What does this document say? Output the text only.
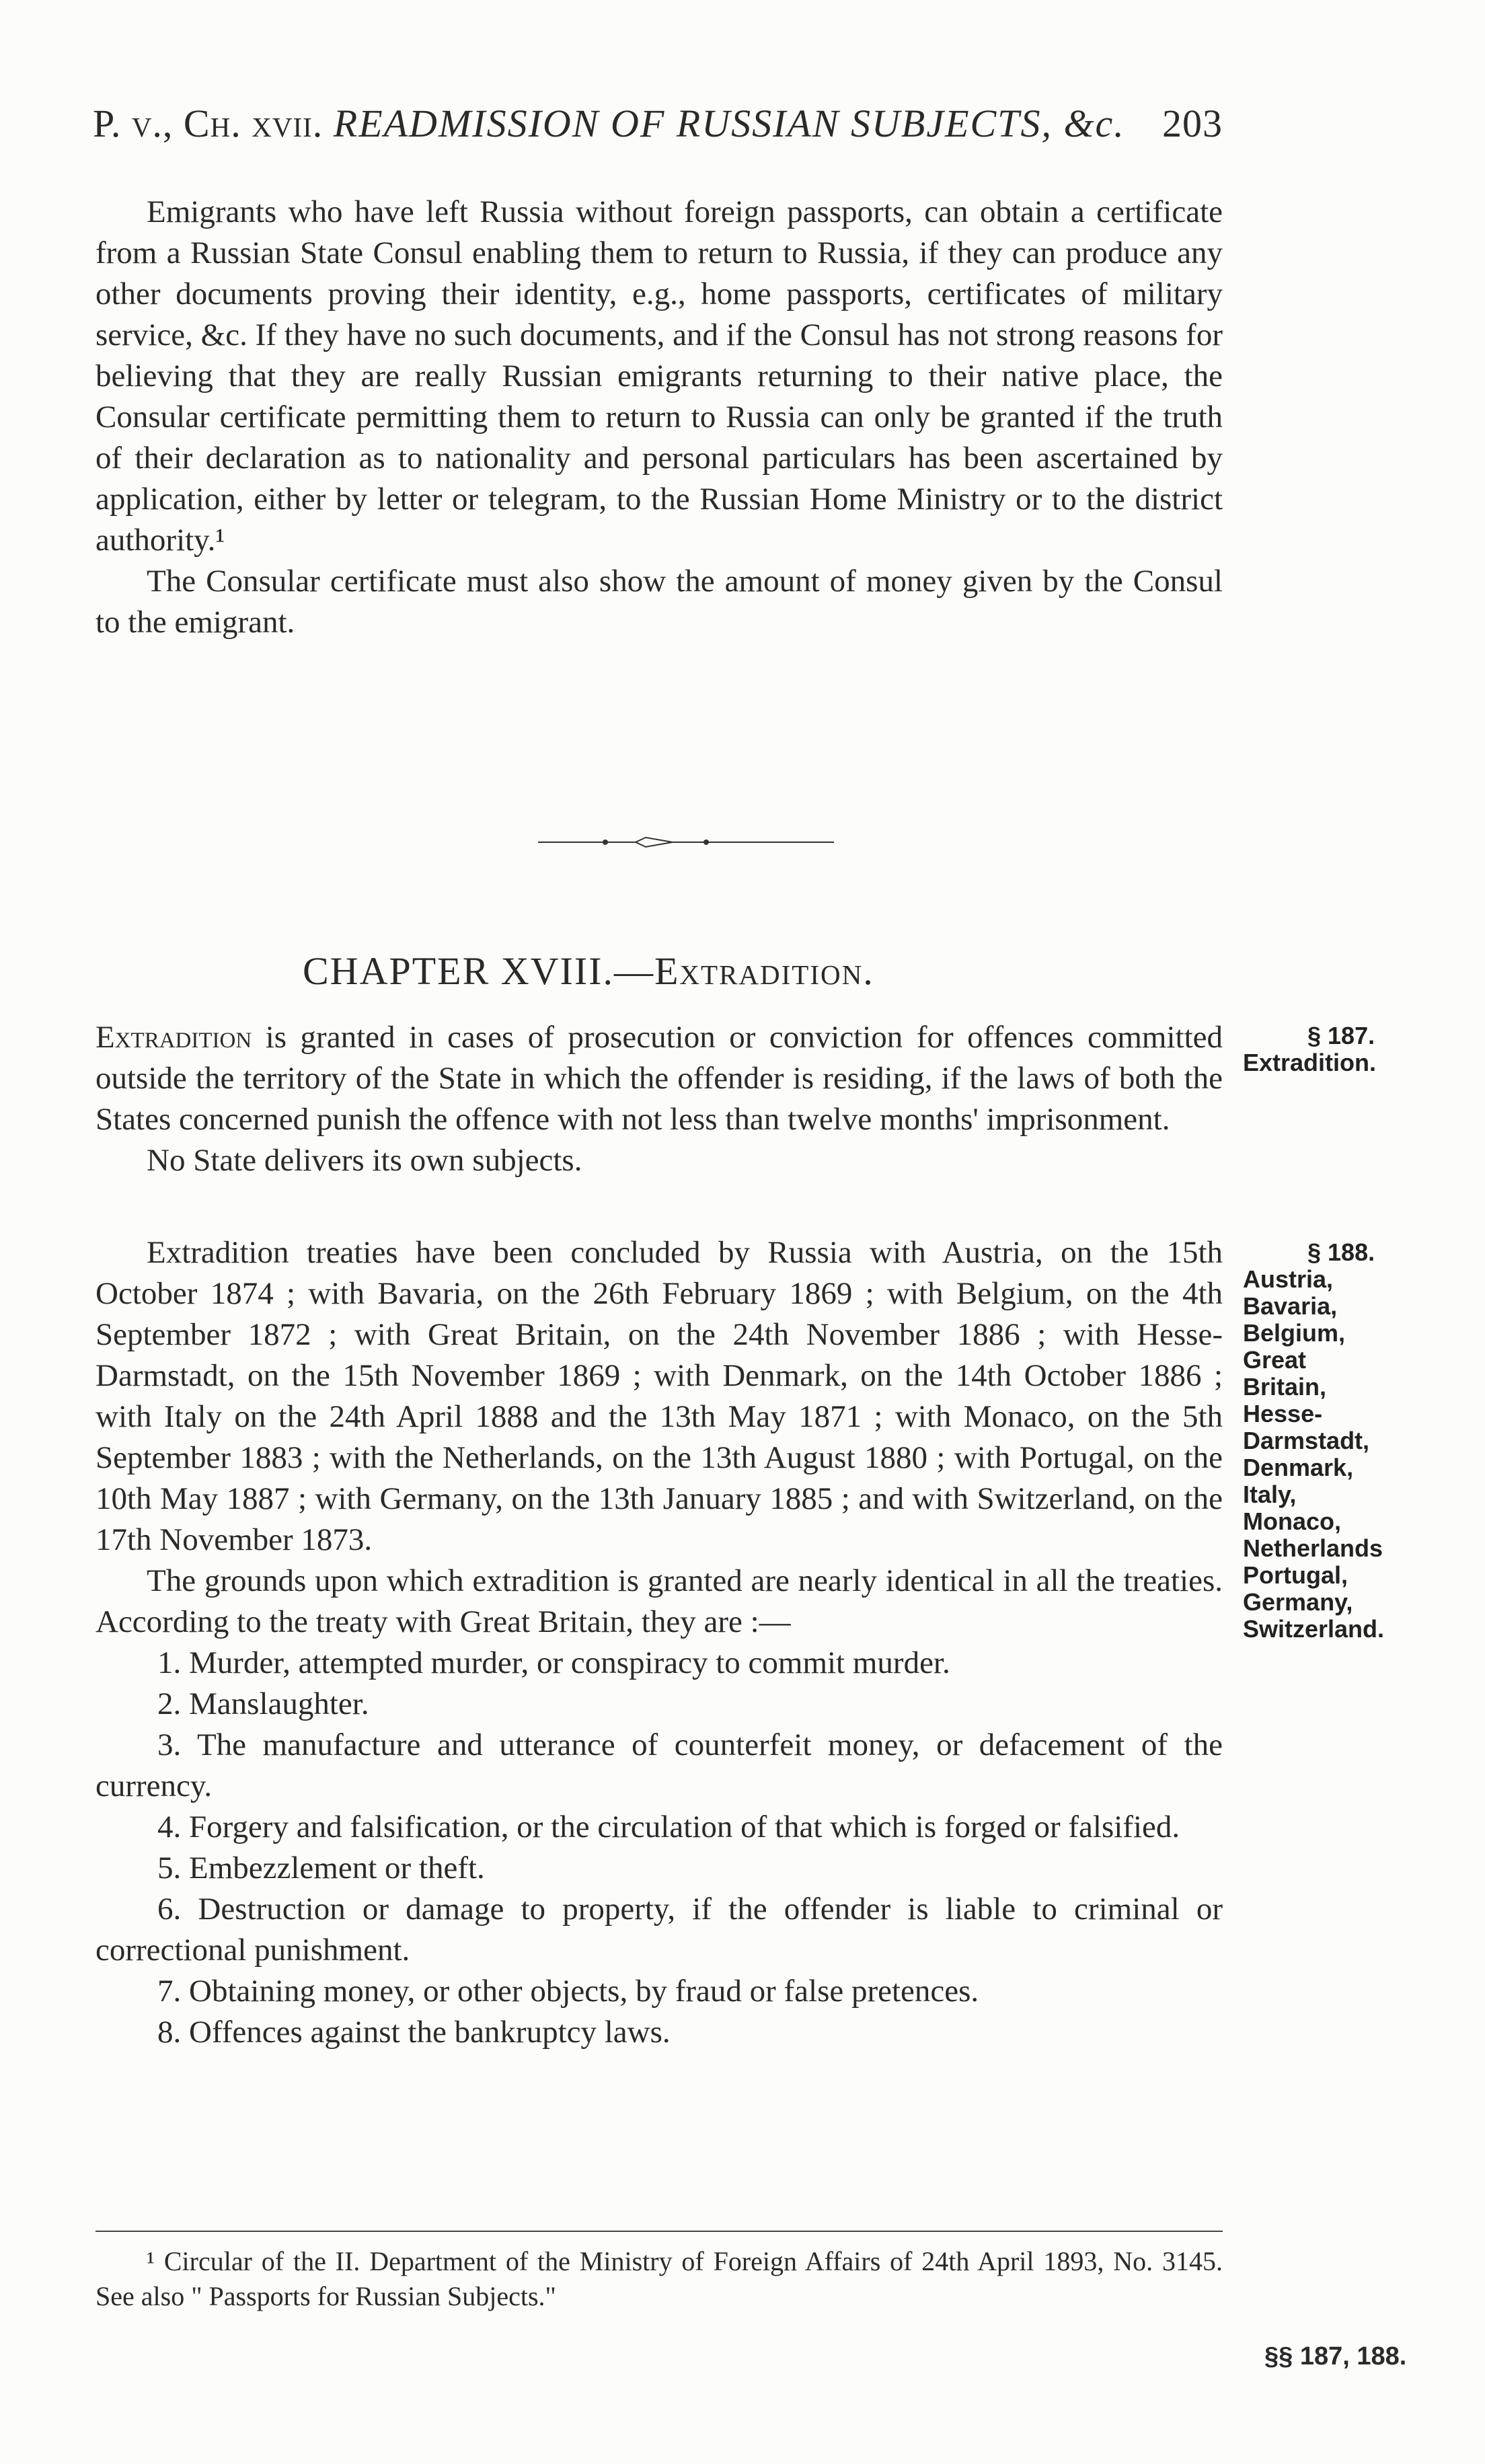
P. v., Ch. xvii. READMISSION OF RUSSIAN SUBJECTS, &c. 203

Emigrants who have left Russia without foreign passports, can obtain a certificate from a Russian State Consul enabling them to return to Russia, if they can produce any other documents proving their identity, e.g., home passports, certificates of military service, &c. If they have no such documents, and if the Consul has not strong reasons for believing that they are really Russian emigrants returning to their native place, the Consular certificate permitting them to return to Russia can only be granted if the truth of their declaration as to nationality and personal particulars has been ascertained by application, either by letter or telegram, to the Russian Home Ministry or to the district authority.¹

The Consular certificate must also show the amount of money given by the Consul to the emigrant.

CHAPTER XVIII.—Extradition.

Extradition is granted in cases of prosecution or conviction for offences committed outside the territory of the State in which the offender is residing, if the laws of both the States concerned punish the offence with not less than twelve months' imprisonment.

No State delivers its own subjects.

Extradition treaties have been concluded by Russia with Austria, on the 15th October 1874 ; with Bavaria, on the 26th February 1869 ; with Belgium, on the 4th September 1872 ; with Great Britain, on the 24th November 1886 ; with Hesse-Darmstadt, on the 15th November 1869 ; with Denmark, on the 14th October 1886 ; with Italy on the 24th April 1888 and the 13th May 1871 ; with Monaco, on the 5th September 1883 ; with the Netherlands, on the 13th August 1880 ; with Portugal, on the 10th May 1887 ; with Germany, on the 13th January 1885 ; and with Switzerland, on the 17th November 1873.

The grounds upon which extradition is granted are nearly identical in all the treaties. According to the treaty with Great Britain, they are :—

1. Murder, attempted murder, or conspiracy to commit murder.

2. Manslaughter.

3. The manufacture and utterance of counterfeit money, or defacement of the currency.

4. Forgery and falsification, or the circulation of that which is forged or falsified.

5. Embezzlement or theft.

6. Destruction or damage to property, if the offender is liable to criminal or correctional punishment.

7. Obtaining money, or other objects, by fraud or false pretences.

8. Offences against the bankruptcy laws.

§ 187.
Extradition.
§ 188.
Austria,
Bavaria,
Belgium,
Great
Britain,
Hesse-
Darmstadt,
Denmark,
Italy,
Monaco,
Netherlands
Portugal,
Germany,
Switzerland.

¹ Circular of the II. Department of the Ministry of Foreign Affairs of 24th April 1893, No. 3145. See also " Passports for Russian Subjects."

§§ 187, 188.
